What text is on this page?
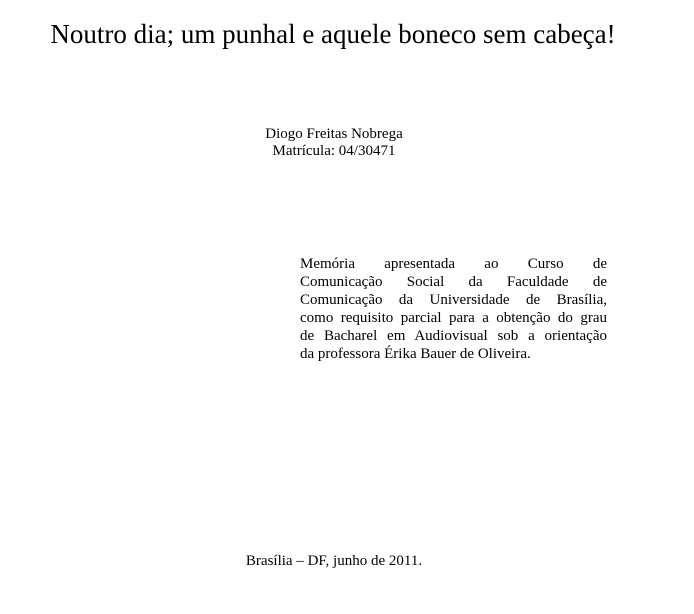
Noutro dia; um punhal e aquele boneco sem cabeça!
Diogo Freitas Nobrega
Matrícula: 04/30471
Memória apresentada ao Curso de
Comunicação Social da Faculdade de
Comunicação da Universidade de Brasília,
como requisito parcial para a obtenção do grau
de Bacharel em Audiovisual sob a orientação
da professora Érika Bauer de Oliveira.
Brasília – DF, junho de 2011.
